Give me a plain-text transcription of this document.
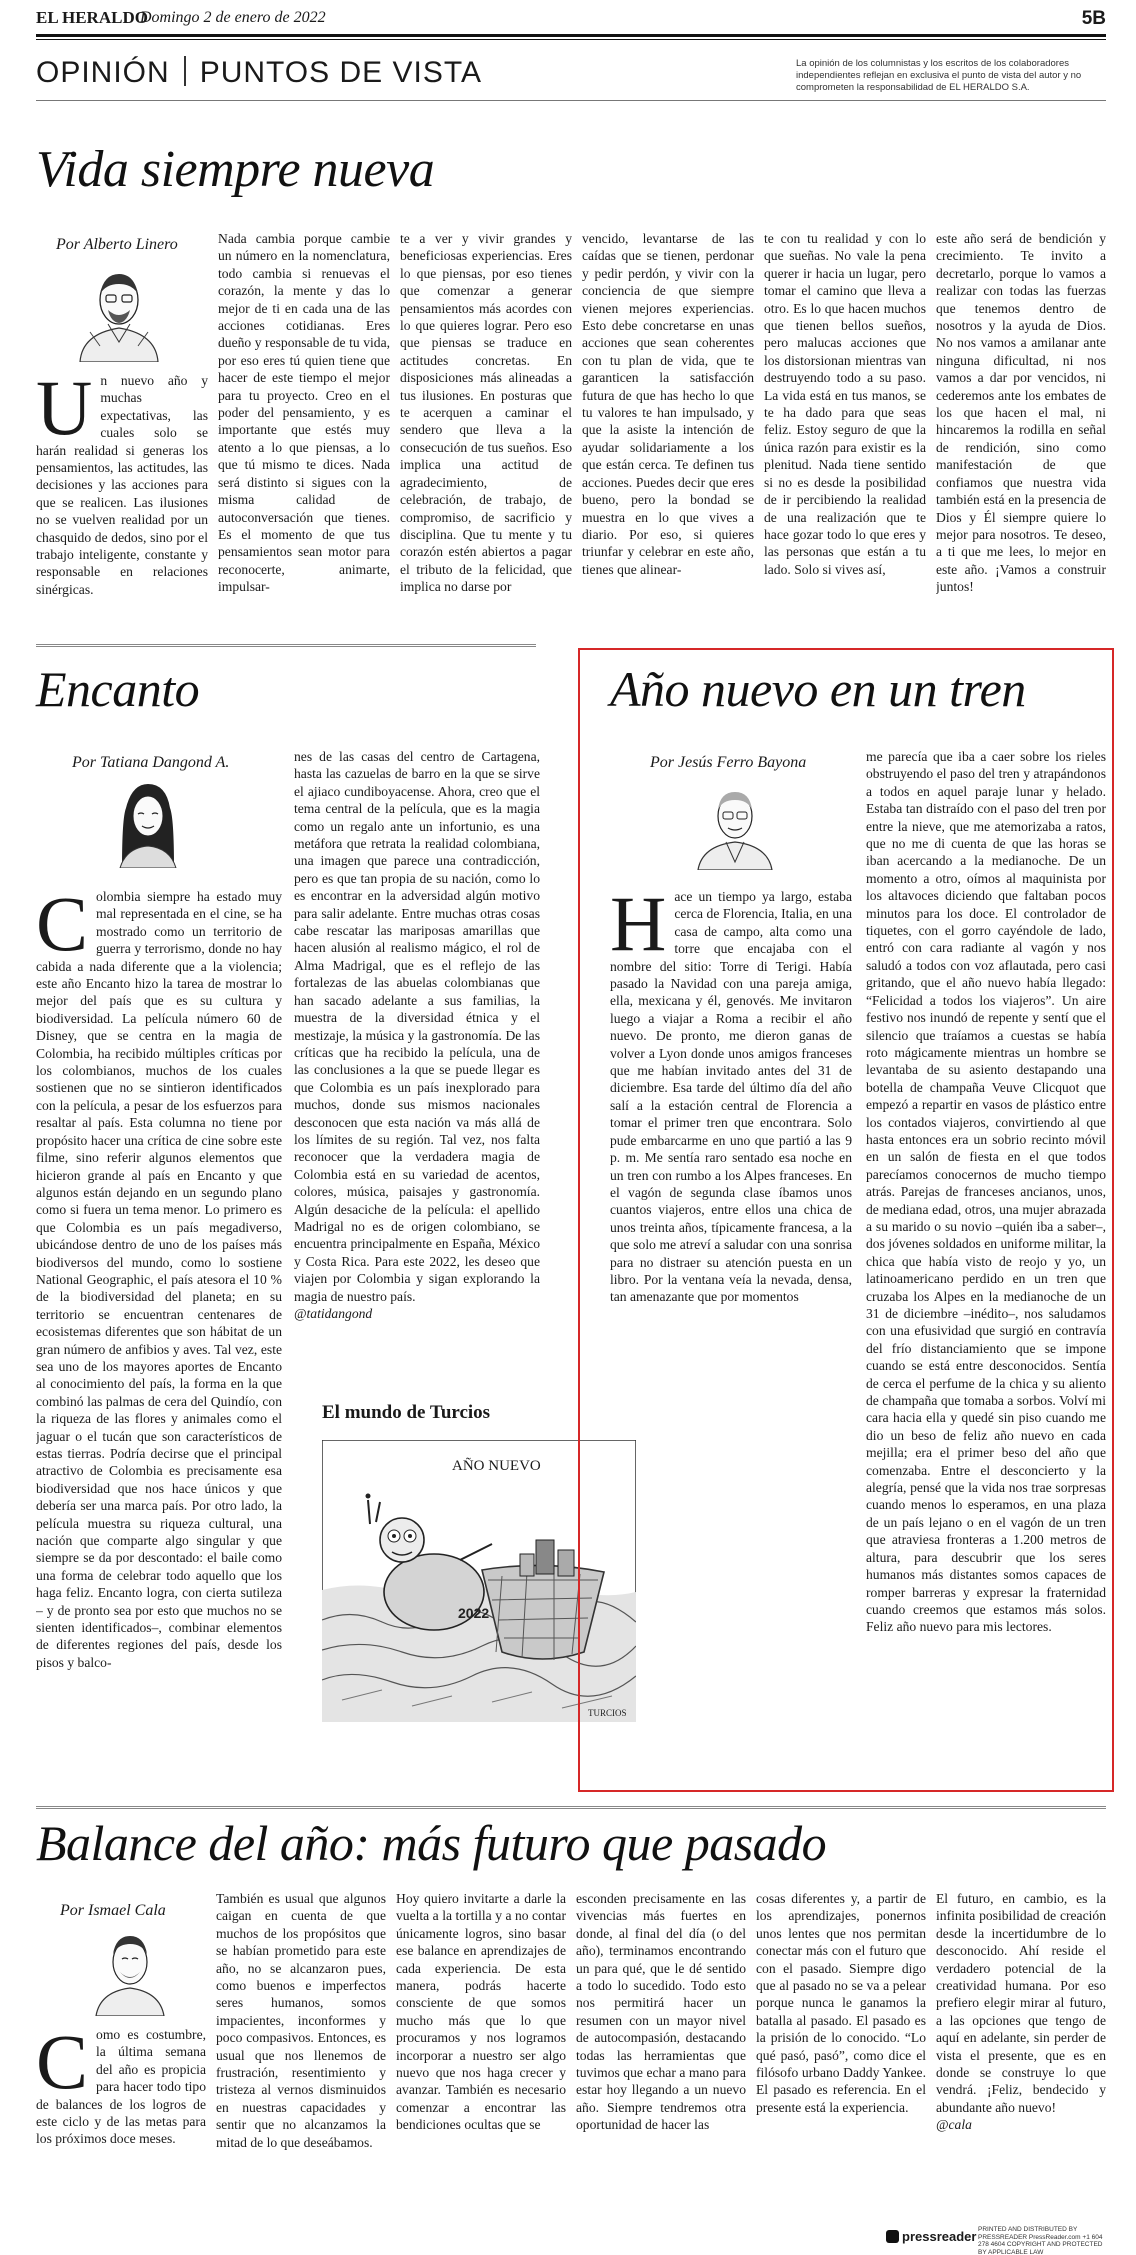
EL HERALDO
Domingo 2 de enero de 2022	5B
OPINIÓN PUNTOS DE VISTA	La opinión de los columnistas y los escritos de los colaboradores independientes reflejan en exclusiva el punto de vista del autor y no comprometen la responsabilidad de EL HERALDO S.A.
Vida siempre nueva
Por Alberto Linero
U n nuevo año y muchas expectativas, las cuales solo se harán realidad si generas los pensamientos, las actitudes, las decisiones y las acciones para que se realicen. Las ilusiones no se vuelven realidad por un chasquido de dedos, sino por el trabajo inteligente, constante y responsable en relaciones sinérgicas.

Nada cambia porque cambie un número en la nomenclatura, todo cambia si renuevas el corazón, la mente y das lo mejor de ti en cada una de las acciones cotidianas. Eres dueño y responsable de tu vida, por eso eres tú quien tiene que hacer de este tiempo el mejor para tu proyecto. Creo en el poder del pensamiento, y es importante que estés muy atento a lo que piensas, a lo que tú mismo te dices. Nada será distinto si sigues con la misma calidad de autoconversación que tienes. Es el momento de que tus pensamientos sean motor para reconocerte, animarte, impulsar-

te a ver y vivir grandes y beneficiosas experiencias. Eres lo que piensas, por eso tienes que comenzar a generar pensamientos más acordes con lo que quieres lograr. Pero eso que piensas se traduce en actitudes concretas. En disposiciones más alineadas a tus ilusiones. En posturas que te acerquen a caminar el sendero que lleva a la consecución de tus sueños. Eso implica una actitud de agradecimiento, de celebración, de trabajo, de compromiso, de sacrificio y disciplina. Que tu mente y tu corazón estén abiertos a pagar el tributo de la felicidad, que implica no darse por

vencido, levantarse de las caídas que se tienen, perdonar y pedir perdón, y vivir con la conciencia de que siempre vienen mejores experiencias. Esto debe concretarse en unas acciones que sean coherentes con tu plan de vida, que te garanticen la satisfacción futura de que has hecho lo que tu valores te han impulsado, y que la asiste la intención de ayudar solidariamente a los que están cerca. Te definen tus acciones. Puedes decir que eres bueno, pero la bondad se muestra en lo que vives a diario. Por eso, si quieres triunfar y celebrar en este año, tienes que alinear-

te con tu realidad y con lo que sueñas. No vale la pena querer ir hacia un lugar, pero tomar el camino que lleva a otro. Es lo que hacen muchos que tienen bellos sueños, pero malucas acciones que los distorsionan mientras van destruyendo todo a su paso. La vida está en tus manos, se te ha dado para que seas feliz. Estoy seguro de que la única razón para existir es la plenitud. Nada tiene sentido si no es desde la posibilidad de ir percibiendo la realidad de una realización que te hace gozar todo lo que eres y las personas que están a tu lado. Solo si vives así,

este año será de bendición y crecimiento. Te invito a decretarlo, porque lo vamos a realizar con todas las fuerzas que tenemos dentro de nosotros y la ayuda de Dios. No nos vamos a amilanar ante ninguna dificultad, ni nos vamos a dar por vencidos, ni cederemos ante los embates de los que hacen el mal, ni hincaremos la rodilla en señal de rendición, sino como manifestación de que confiamos que nuestra vida también está en la presencia de Dios y Él siempre quiere lo mejor para nosotros. Te deseo, a ti que me lees, lo mejor en este año. ¡Vamos a construir juntos!

Encanto
Por Tatiana Dangond A.
C olombia siempre ha estado muy mal representada en el cine, se ha mostrado como un territorio de guerra y terrorismo, donde no hay cabida a nada diferente que a la violencia; este año Encanto hizo la tarea de mostrar lo mejor del país que es su cultura y biodiversidad. La película número 60 de Disney, que se centra en la magia de Colombia, ha recibido múltiples críticas por los colombianos, muchos de los cuales sostienen que no se sintieron identificados con la película, a pesar de los esfuerzos para resaltar al país. Esta columna no tiene por propósito hacer una crítica de cine sobre este filme, sino referir algunos elementos que hicieron grande al país en Encanto y que algunos están dejando en un segundo plano como si fuera un tema menor. Lo primero es que Colombia es un país megadiverso, ubicándose dentro de uno de los países más biodiversos del mundo, como lo sostiene National Geographic, el país atesora el 10 % de la biodiversidad del planeta; en su territorio se encuentran centenares de ecosistemas diferentes que son hábitat de un gran número de anfibios y aves. Tal vez, este sea uno de los mayores aportes de Encanto al conocimiento del país, la forma en la que combinó las palmas de cera del Quindío, con la riqueza de las flores y animales como el jaguar o el tucán que son característicos de estas tierras. Podría decirse que el principal atractivo de Colombia es precisamente esa biodiversidad que nos hace únicos y que debería ser una marca país. Por otro lado, la película muestra su riqueza cultural, una nación que comparte algo singular y que siempre se da por descontado: el baile como una forma de celebrar todo aquello que los haga feliz. Encanto logra, con cierta sutileza – y de pronto sea por esto que muchos no se sienten identificados–, combinar elementos de diferentes regiones del país, desde los pisos y balco-

nes de las casas del centro de Cartagena, hasta las cazuelas de barro en la que se sirve el ajiaco cundiboyacense. Ahora, creo que el tema central de la película, que es la magia como un regalo ante un infortunio, es una metáfora que retrata la realidad colombiana, una imagen que parece una contradicción, pero es que tan propia de su nación, como lo es encontrar en la adversidad algún motivo para salir adelante. Entre muchas otras cosas cabe rescatar las mariposas amarillas que hacen alusión al realismo mágico, el rol de Alma Madrigal, que es el reflejo de las fortalezas de las abuelas colombianas que han sacado adelante a sus familias, la muestra de la diversidad étnica y el mestizaje, la música y la gastronomía. De las críticas que ha recibido la película, una de las conclusiones a la que se puede llegar es que Colombia es un país inexplorado para muchos, donde sus mismos nacionales desconocen que esta nación va más allá de los límites de su región. Tal vez, nos falta reconocer que la verdadera magia de Colombia está en su variedad de acentos, colores, música, paisajes y gastronomía. Algún desaciche de la película: el apellido Madrigal no es de origen colombiano, se encuentra principalmente en España, México y Costa Rica. Para este 2022, les deseo que viajen por Colombia y sigan explorando la magia de nuestro país.

@tatidangond

El mundo de Turcios
2022
TURCIOS
AÑO NUEVO
Año nuevo en un tren
Por Jesús Ferro Bayona
H ace un tiempo ya largo, estaba cerca de Florencia, Italia, en una casa de campo, alta como una torre que encajaba con el nombre del sitio: Torre di Terigi. Había pasado la Navidad con una pareja amiga, ella, mexicana y él, genovés. Me invitaron luego a viajar a Roma a recibir el año nuevo. De pronto, me dieron ganas de volver a Lyon donde unos amigos franceses que me habían invitado antes del 31 de diciembre. Esa tarde del último día del año salí a la estación central de Florencia a tomar el primer tren que encontrara. Solo pude embarcarme en uno que partió a las 9 p. m. Me sentía raro sentado esa noche en un tren con rumbo a los Alpes franceses. En el vagón de segunda clase íbamos unos cuantos viajeros, entre ellos una chica de unos treinta años, típicamente francesa, a la que solo me atreví a saludar con una sonrisa para no distraer su atención puesta en un libro. Por la ventana veía la nevada, densa, tan amenazante que por momentos

me parecía que iba a caer sobre los rieles obstruyendo el paso del tren y atrapándonos a todos en aquel paraje lunar y helado. Estaba tan distraído con el paso del tren por entre la nieve, que me atemorizaba a ratos, que no me di cuenta de que las horas se iban acercando a la medianoche. De un momento a otro, oímos al maquinista por los altavoces diciendo que faltaban pocos minutos para los doce. El controlador de tiquetes, con el gorro cayéndole de lado, entró con cara radiante al vagón y nos saludó a todos con voz aflautada, pero casi gritando, que el año nuevo había llegado: “Felicidad a todos los viajeros”. Un aire festivo nos inundó de repente y sentí que el silencio que traíamos a cuestas se había roto mágicamente mientras un hombre se levantaba de su asiento destapando una botella de champaña Veuve Clicquot que empezó a repartir en vasos de plástico entre los contados viajeros, convirtiendo al que hasta entonces era un sobrio recinto móvil en un salón de fiesta en el que todos parecíamos conocernos de mucho tiempo atrás. Parejas de franceses ancianos, unos, de mediana edad, otros, una mujer abrazada a su marido o su novio –quién iba a saber–, dos jóvenes soldados en uniforme militar, la chica que había visto de reojo y yo, un latinoamericano perdido en un tren que cruzaba los Alpes en la medianoche de un 31 de diciembre –inédito–, nos saludamos con una efusividad que surgió en contravía del frío distanciamiento que se impone cuando se está entre desconocidos. Sentía de cerca el perfume de la chica y su aliento de champaña que tomaba a sorbos. Volví mi cara hacia ella y quedé sin piso cuando me dio un beso de feliz año nuevo en cada mejilla; era el primer beso del año que comenzaba. Entre el desconcierto y la alegría, pensé que la vida nos trae sorpresas cuando menos lo esperamos, en una plaza de un país lejano o en el vagón de un tren que atraviesa fronteras a 1.200 metros de altura, para descubrir que los seres humanos más distantes somos capaces de romper barreras y expresar la fraternidad cuando creemos que estamos más solos. Feliz año nuevo para mis lectores.

Balance del año: más futuro que pasado
Por Ismael Cala
C omo es costumbre, la última semana del año es propicia para hacer todo tipo de balances de los logros de este ciclo y de las metas para los próximos doce meses.

También es usual que algunos caigan en cuenta de que muchos de los propósitos que se habían prometido para este año, no se alcanzaron pues, como buenos e imperfectos seres humanos, somos impacientes, inconformes y poco compasivos. Entonces, es usual que nos llenemos de frustración, resentimiento y tristeza al vernos disminuidos en nuestras capacidades y sentir que no alcanzamos la mitad de lo que deseábamos.

Hoy quiero invitarte a darle la vuelta a la tortilla y a no contar únicamente logros, sino basar ese balance en aprendizajes de cada experiencia. De esta manera, podrás hacerte consciente de que somos mucho más que lo que procuramos y nos logramos incorporar a nuestro ser algo nuevo que nos haga crecer y avanzar. También es necesario comenzar a encontrar las bendiciones ocultas que se

esconden precisamente en las vivencias más fuertes en donde, al final del día (o del año), terminamos encontrando un para qué, que le dé sentido a todo lo sucedido. Todo esto nos permitirá hacer un resumen con un mayor nivel de autocompasión, destacando todas las herramientas que tuvimos que echar a mano para estar hoy llegando a un nuevo año. Siempre tendremos otra oportunidad de hacer las

cosas diferentes y, a partir de los aprendizajes, ponernos unos lentes que nos permitan conectar más con el futuro que con el pasado. Siempre digo que al pasado no se va a pelear porque nunca le ganamos la batalla al pasado. El pasado es la prisión de lo conocido. “Lo qué pasó, pasó”, como dice el filósofo urbano Daddy Yankee. El pasado es referencia. En el presente está la experiencia.

El futuro, en cambio, es la infinita posibilidad de creación desde la incertidumbre de lo desconocido. Ahí reside el verdadero potencial de la creatividad humana. Por eso prefiero elegir mirar al futuro, a las opciones que tengo de aquí en adelante, sin perder de vista el presente, que es en donde se construye lo que vendrá. ¡Feliz, bendecido y abundante año nuevo!

@cala

pressreader PRINTED AND DISTRIBUTED BY PRESSREADER PressReader.com +1 604 278 4604 COPYRIGHT AND PROTECTED BY APPLICABLE LAW
